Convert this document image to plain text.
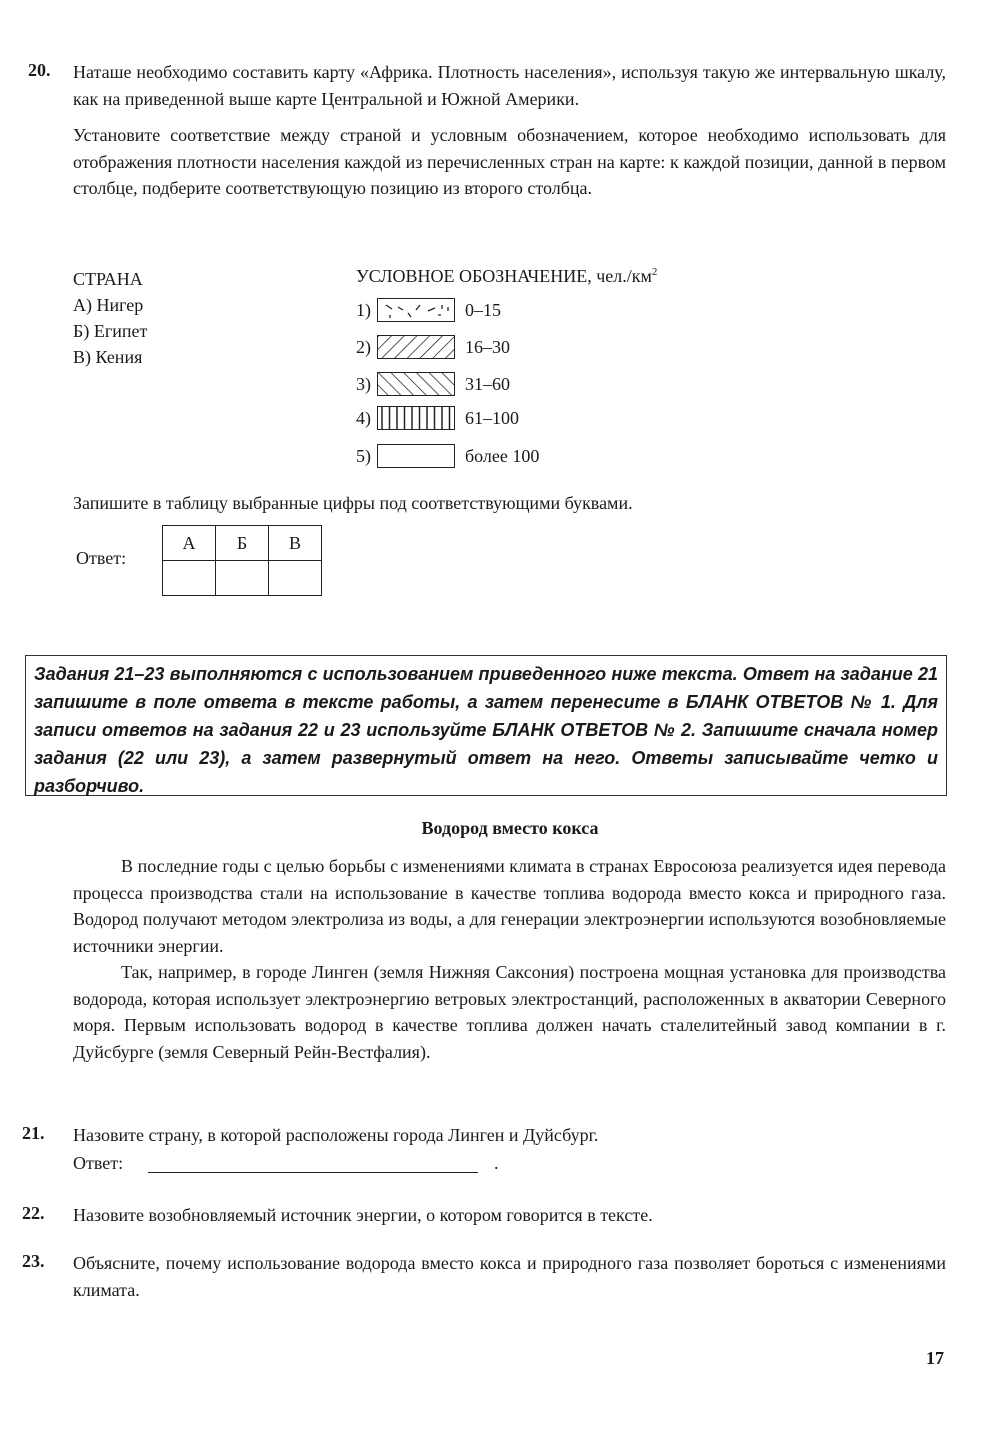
20. Наташе необходимо составить карту «Африка. Плотность населения», используя такую же интервальную шкалу, как на приведенной выше карте Центральной и Южной Америки.

Установите соответствие между страной и условным обозначением, которое необходимо использовать для отображения плотности населения каждой из перечисленных стран на карте: к каждой позиции, данной в первом столбце, подберите соответствующую позицию из второго столбца.

СТРАНА
А) Нигер
Б) Египет
В) Кения
УСЛОВНОЕ ОБОЗНАЧЕНИЕ, $чел./км^2$
1)	0–15
2)	16–30
3)	31–60
4)	61–100
5)	более 100

Запишите в таблицу выбранные цифры под соответствующими буквами.

Ответ:
А	Б	В

Задания 21–23 выполняются с использованием приведенного ниже текста. Ответ на задание 21 запишите в поле ответа в тексте работы, а затем перенесите в БЛАНК ОТВЕТОВ № 1. Для записи ответов на задания 22 и 23 используйте БЛАНК ОТВЕТОВ № 2. Запишите сначала номер задания (22 или 23), а затем развернутый ответ на него. Ответы записывайте четко и разборчиво.
Водород вместо кокса

В последние годы с целью борьбы с изменениями климата в странах Евросоюза реализуется идея перевода процесса производства стали на использование в качестве топлива водорода вместо кокса и природного газа. Водород получают методом электролиза из воды, а для генерации электроэнергии используются возобновляемые источники энергии.

Так, например, в городе Линген (земля Нижняя Саксония) построена мощная установка для производства водорода, которая использует электроэнергию ветровых электростанций, расположенных в акватории Северного моря. Первым использовать водород в качестве топлива должен начать сталелитейный завод компании в г. Дуйсбурге (земля Северный Рейн-Вестфалия).

21. Назовите страну, в которой расположены города Линген и Дуйсбург.

Ответ:	.
22. Назовите возобновляемый источник энергии, о котором говорится в тексте.

23. Объясните, почему использование водорода вместо кокса и природного газа позволяет бороться с изменениями климата.

17
